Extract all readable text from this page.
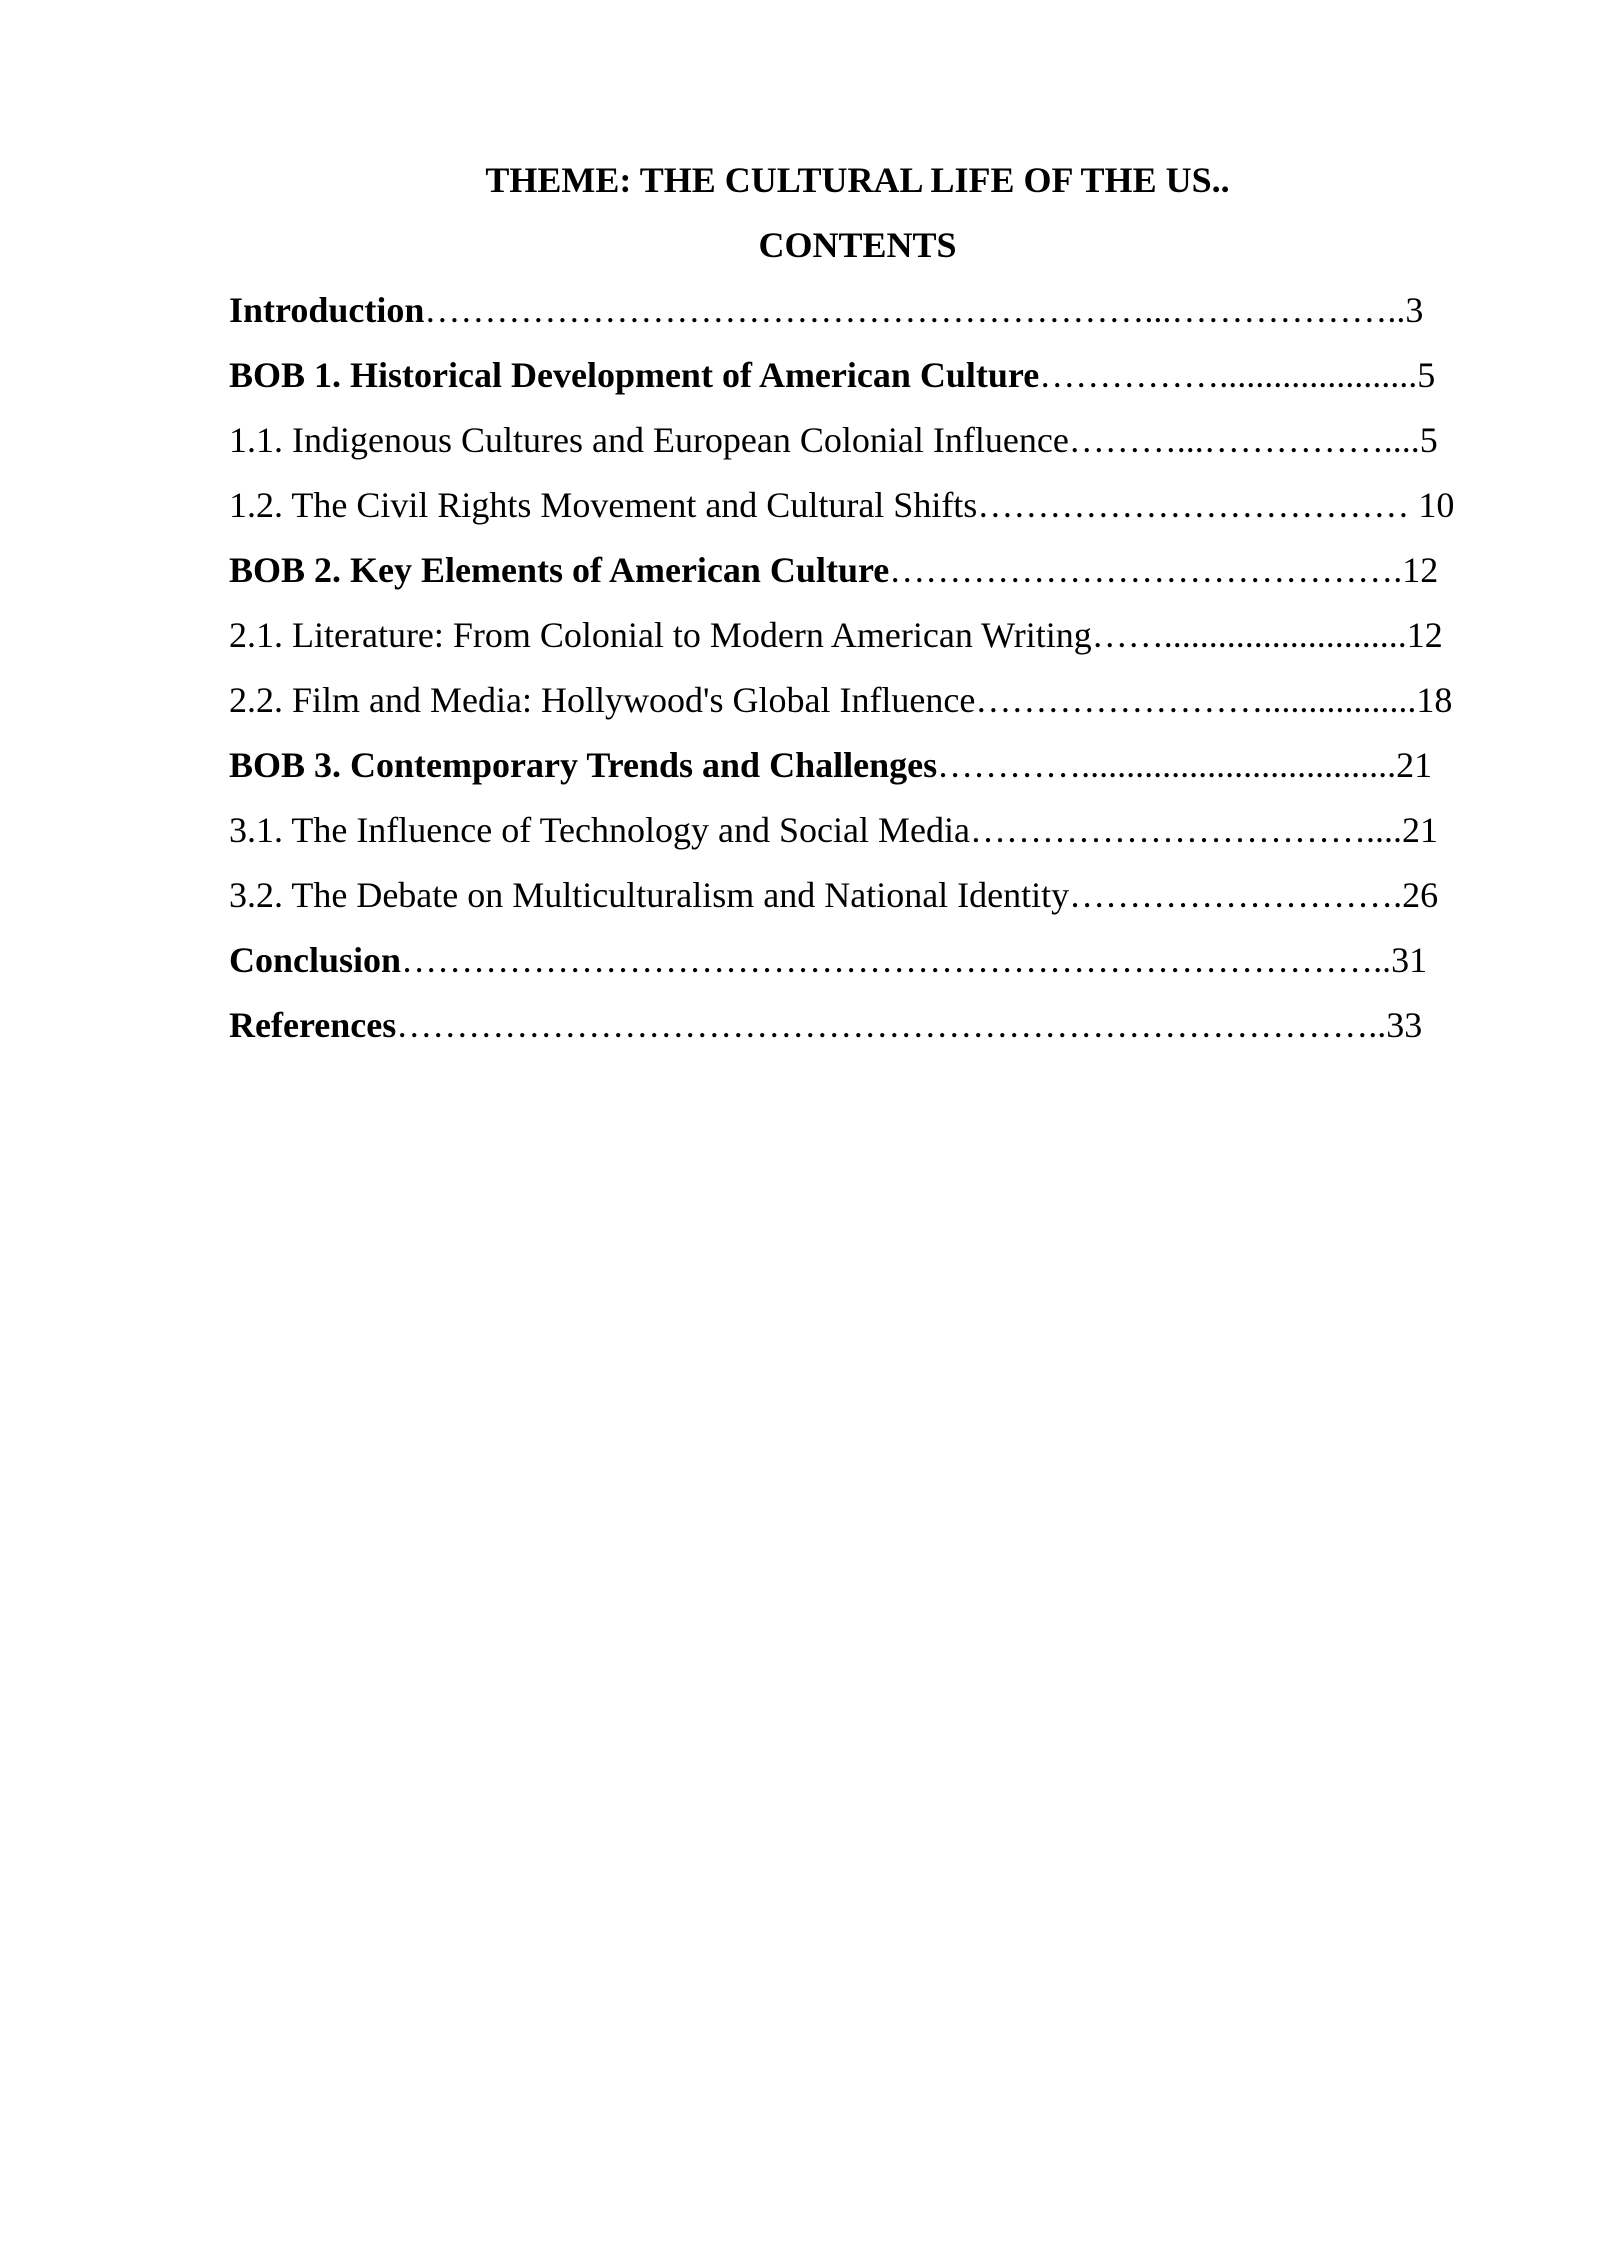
THEME: THE CULTURAL LIFE OF THE US..
CONTENTS
Introduction……………………………………………………...………………..3
BOB 1. Historical Development of American Culture……………......................5
1.1. Indigenous Cultures and European Colonial Influence………...……………....5
1.2. The Civil Rights Movement and Cultural Shifts……………………………… 10
BOB 2. Key Elements of American Culture…………………………………….12
2.1. Literature: From Colonial to Modern American Writing……...........................12
2.2. Film and Media: Hollywood's Global Influence…………………….................18
BOB 3. Contemporary Trends and Challenges…………...................................21
3.1. The Influence of Technology and Social Media……………………………....21
3.2. The Debate on Multiculturalism and National Identity……………………….26
Conclusion………………………………………………………………………..31
References………………………………………………………………………..33
